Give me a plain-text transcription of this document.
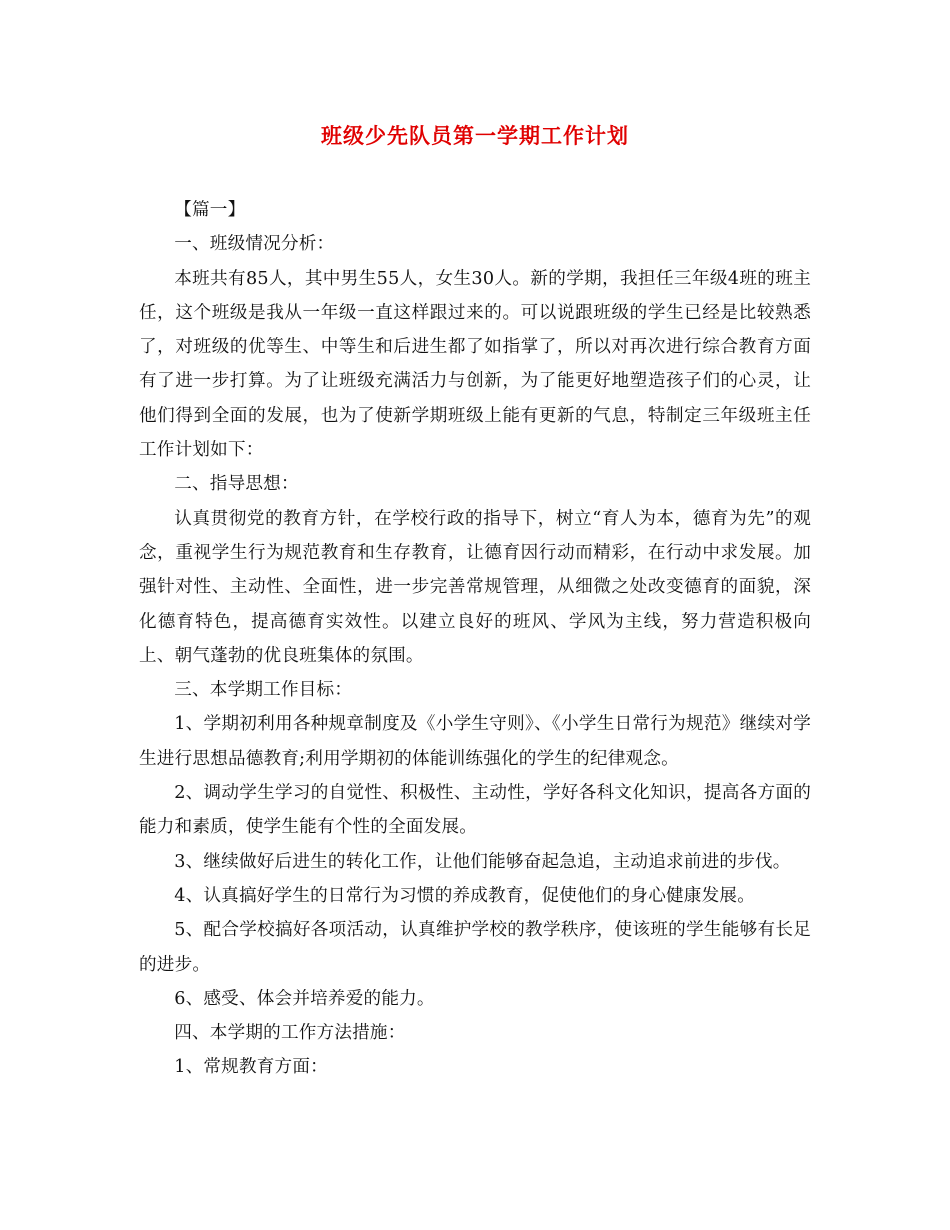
班级少先队员第一学期工作计划

【篇一】

一、班级情况分析：

本班共有85人，其中男生55人，女生30人。新的学期，我担任三年级4班的班主任，这个班级是我从一年级一直这样跟过来的。可以说跟班级的学生已经是比较熟悉了，对班级的优等生、中等生和后进生都了如指掌了，所以对再次进行综合教育方面有了进一步打算。为了让班级充满活力与创新，为了能更好地塑造孩子们的心灵，让他们得到全面的发展，也为了使新学期班级上能有更新的气息，特制定三年级班主任工作计划如下：

二、指导思想：

认真贯彻党的教育方针，在学校行政的指导下，树立“育人为本，德育为先”的观念，重视学生行为规范教育和生存教育，让德育因行动而精彩，在行动中求发展。加强针对性、主动性、全面性，进一步完善常规管理，从细微之处改变德育的面貌，深化德育特色，提高德育实效性。以建立良好的班风、学风为主线，努力营造积极向上、朝气蓬勃的优良班集体的氛围。

三、本学期工作目标：

1、学期初利用各种规章制度及《小学生守则》、《小学生日常行为规范》继续对学生进行思想品德教育;利用学期初的体能训练强化的学生的纪律观念。

2、调动学生学习的自觉性、积极性、主动性，学好各科文化知识，提高各方面的能力和素质，使学生能有个性的全面发展。

3、继续做好后进生的转化工作，让他们能够奋起急追，主动追求前进的步伐。

4、认真搞好学生的日常行为习惯的养成教育，促使他们的身心健康发展。

5、配合学校搞好各项活动，认真维护学校的教学秩序，使该班的学生能够有长足的进步。

6、感受、体会并培养爱的能力。

四、本学期的工作方法措施：

1、常规教育方面：
